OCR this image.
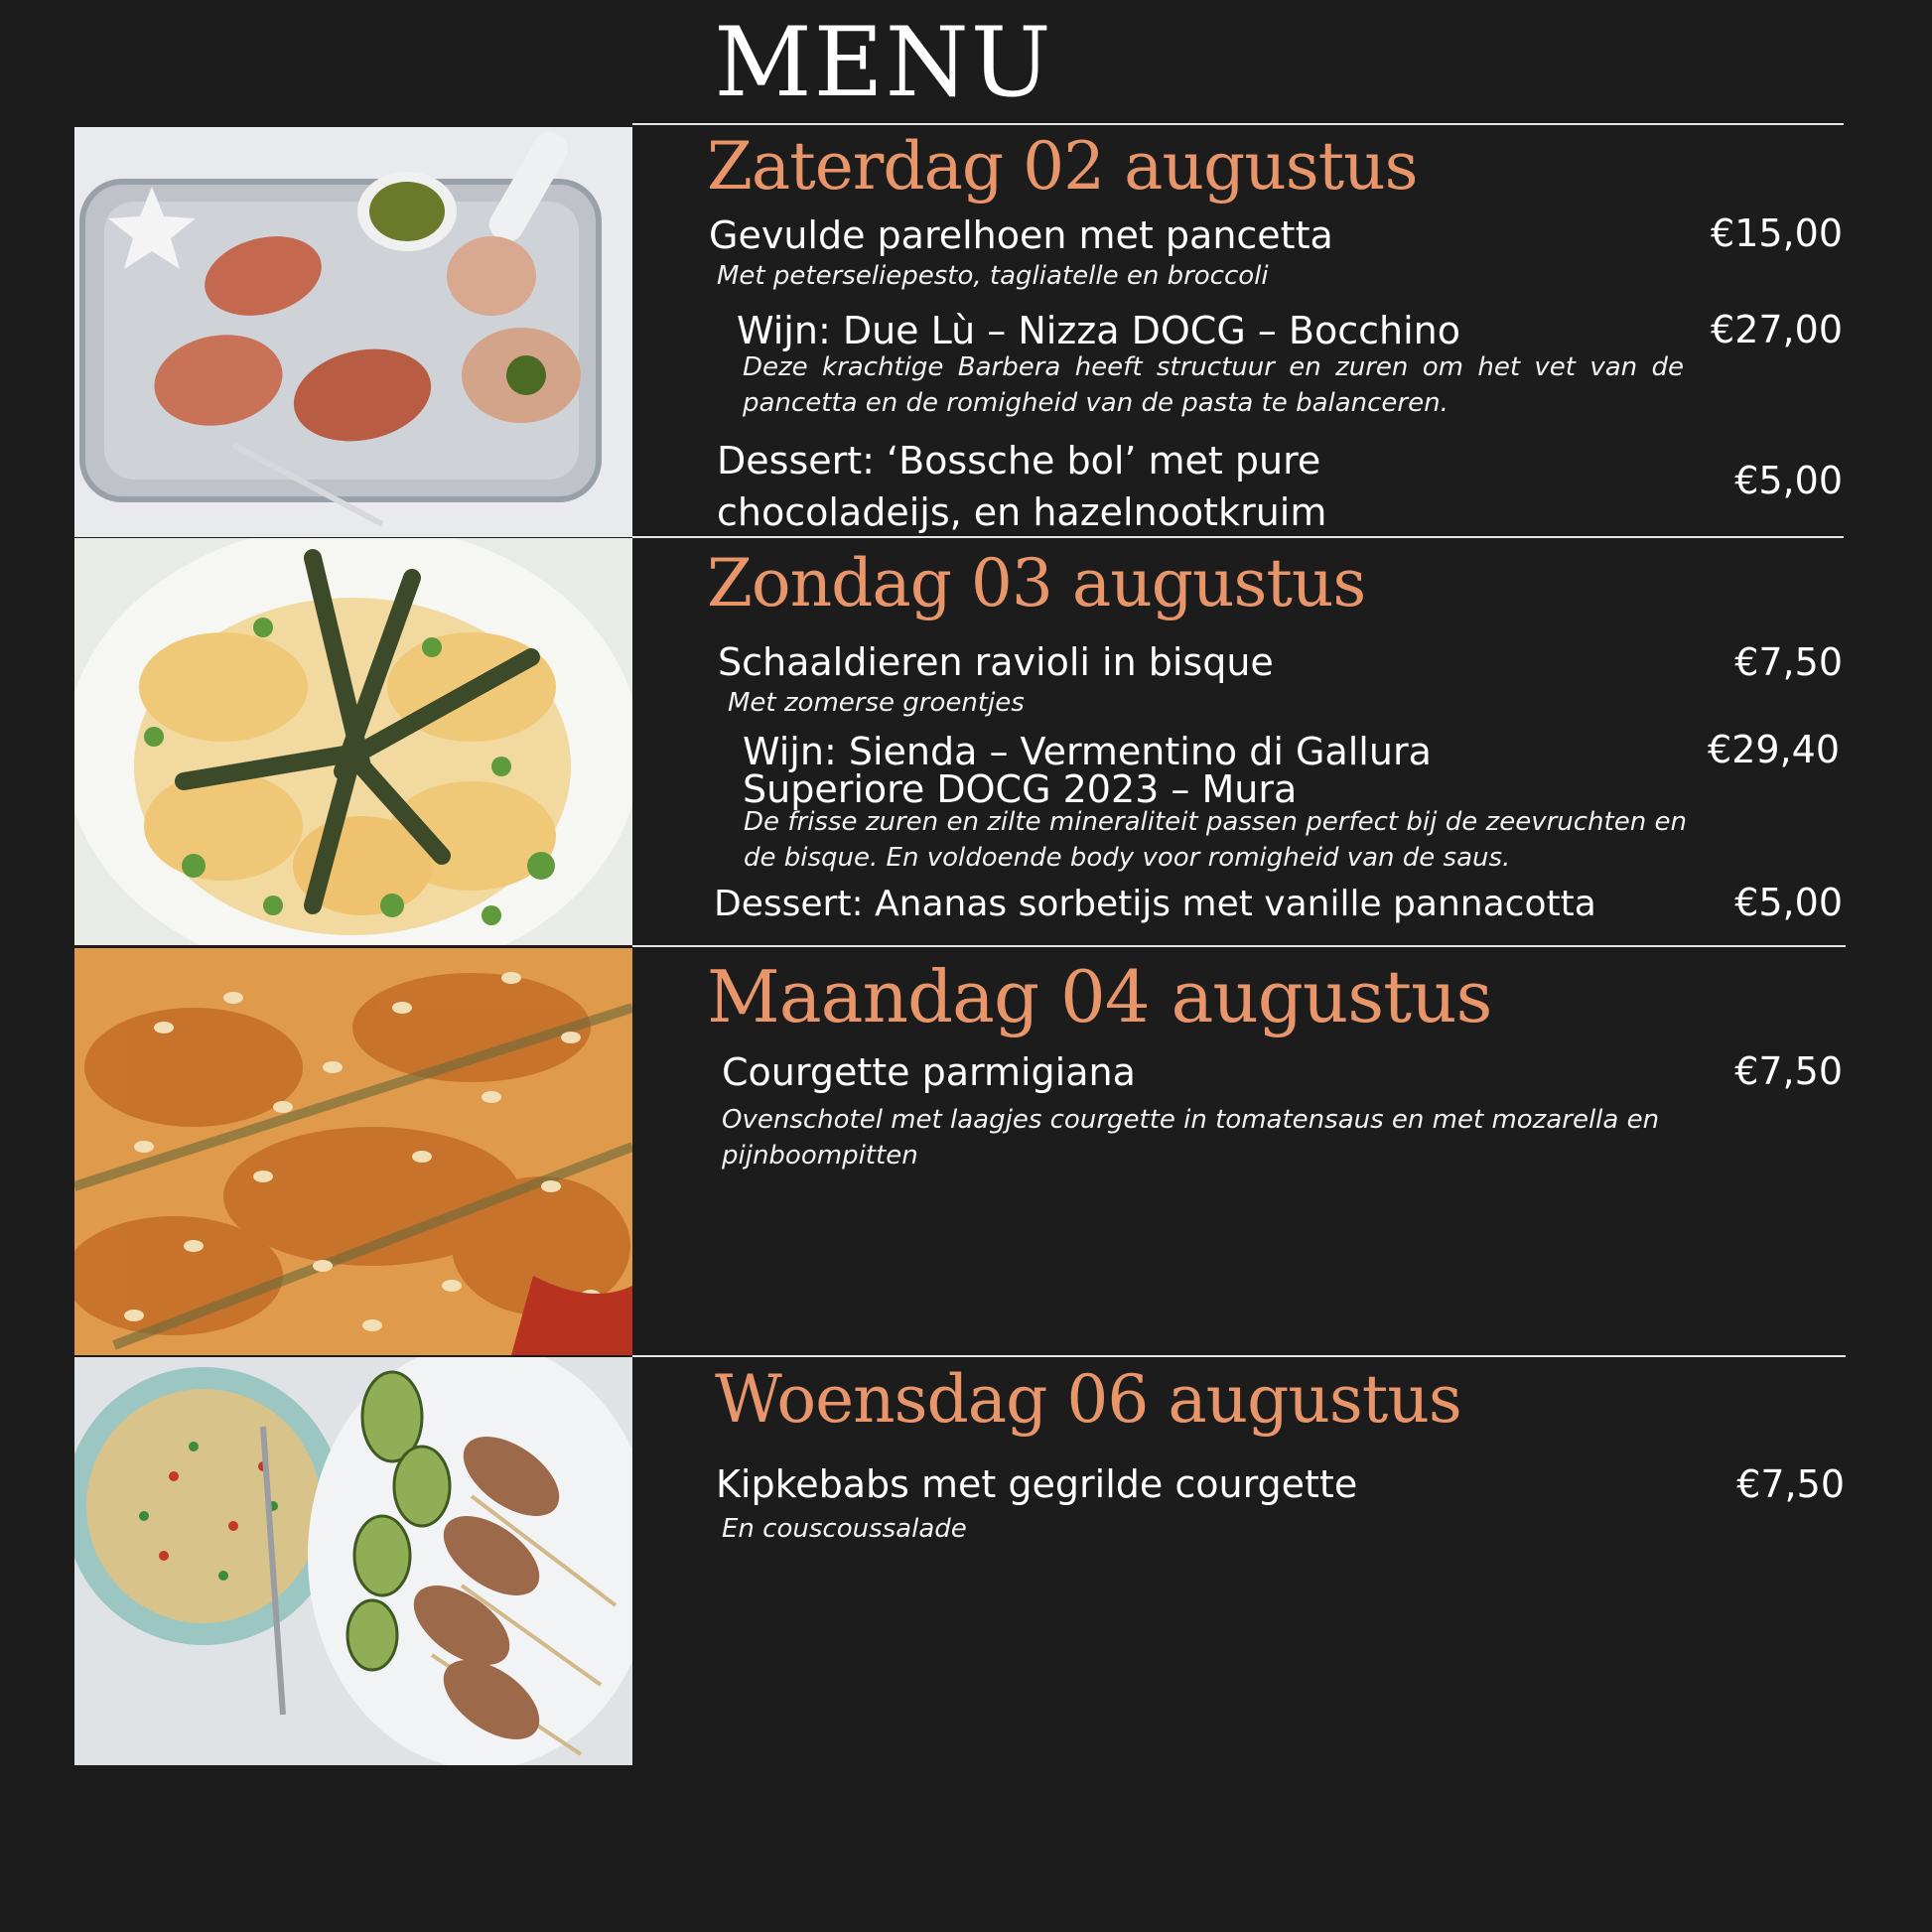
MENU
Zaterdag 02 augustus
Gevulde parelhoen met pancetta	€15,00
Met peterseliepesto, tagliatelle en broccoli
Wijn: Due Lù – Nizza DOCG – Bocchino	€27,00
Deze krachtige Barbera heeft structuur en zuren om het vet van de pancetta en de romigheid van de pasta te balanceren.
Dessert: ‘Bossche bol’ met pure chocoladeijs, en hazelnootkruim
€5,00
Zondag 03 augustus
Schaaldieren ravioli in bisque	€7,50
Met zomerse groentjes
Wijn: Sienda – Vermentino di Gallura Superiore DOCG 2023 – Mura
€29,40
De frisse zuren en zilte mineraliteit passen perfect bij de zeevruchten en de bisque. En voldoende body voor romigheid van de saus.
Dessert: Ananas sorbetijs met vanille pannacotta	€5,00
Maandag 04 augustus
Courgette parmigiana	€7,50
Ovenschotel met laagjes courgette in tomatensaus en met mozarella en pijnboompitten
Woensdag 06 augustus
Kipkebabs met gegrilde courgette	€7,50
En couscoussalade
